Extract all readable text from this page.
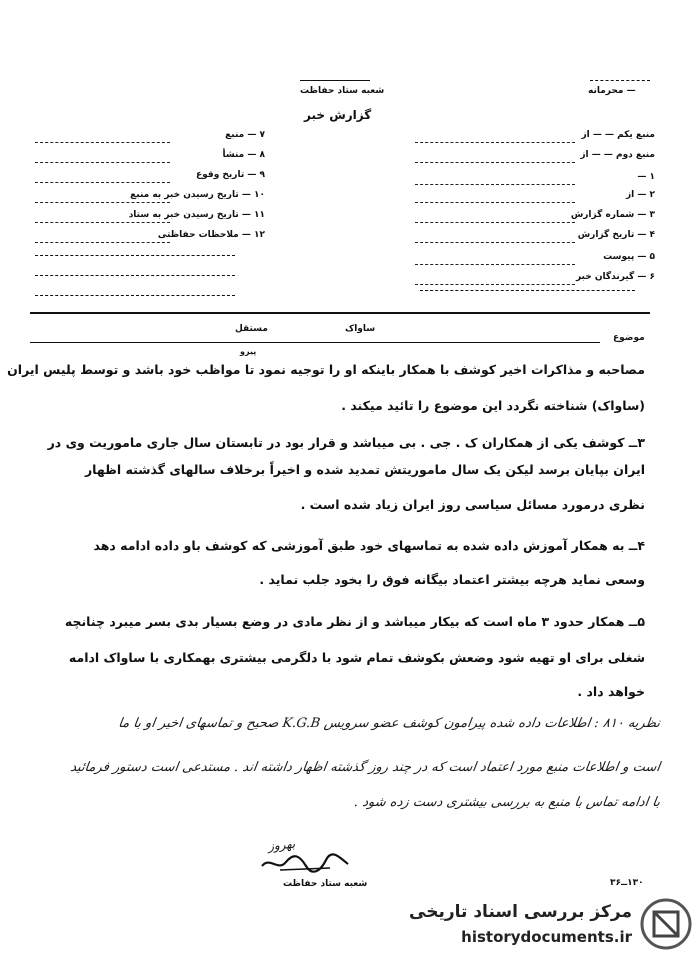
— محرمانه
شعبه ستاد حفاظت
گزارش خبر
منبع یکم — — از
منبع دوم — — از
۱ —
۲ — از
۳ — شماره گزارش
۴ — تاریخ گزارش
۵ — پیوست
۶ — گیرندگان خبر
۷ — منبع
۸ — منشأ
۹ — تاریخ وقوع
۱۰ — تاریخ رسیدن خبر به منبع
۱۱ — تاریخ رسیدن خبر به ستاد
۱۲ — ملاحظات حفاظتی
موضوع
ساواک
مستقل
پیرو
مصاحبه و مذاکرات اخیر کوشف با همکار باینکه او را توجیه نمود تا مواظب خود باشد و توسط پلیس ایران
(ساواک) شناخته نگردد این موضوع را تائید میکند .
۳ــ کوشف یکی از همکاران ک . جی . بی میباشد و قرار بود در تابستان سال جاری ماموریت وی در
ایران بپایان برسد لیکن یک سال ماموریتش تمدید شده و اخیراً برخلاف سالهای گذشته اظهار
نظری درمورد مسائل سیاسی روز ایران زیاد شده است .
۴ــ به همکار آموزش داده شده به تماسهای خود طبق آموزشی که کوشف باو داده ادامه دهد
وسعی نماید هرچه بیشتر اعتماد بیگانه فوق را بخود جلب نماید .
۵ــ همکار حدود ۳ ماه است که بیکار میباشد و از نظر مادی در وضع بسیار بدی بسر میبرد چنانچه
شغلی برای او تهیه شود وضعش بکوشف تمام شود با دلگرمی بیشتری بهمکاری با ساواک ادامه
خواهد داد .
نظریه ۸۱۰ : اطلاعات داده شده پیرامون کوشف عضو سرویس K.G.B صحیح و تماسهای اخیر او با ما
است و اطلاعات منبع مورد اعتماد است که در چند روز گذشته اظهار داشته اند . مستدعی است دستور فرمائید
با ادامه تماس با منبع به بررسی بیشتری دست زده شود .
بهروز
شعبه ستاد حفاظت	۱۳۰ــ۳۶
مرکز بررسی اسناد تاریخی
historydocuments.ir
